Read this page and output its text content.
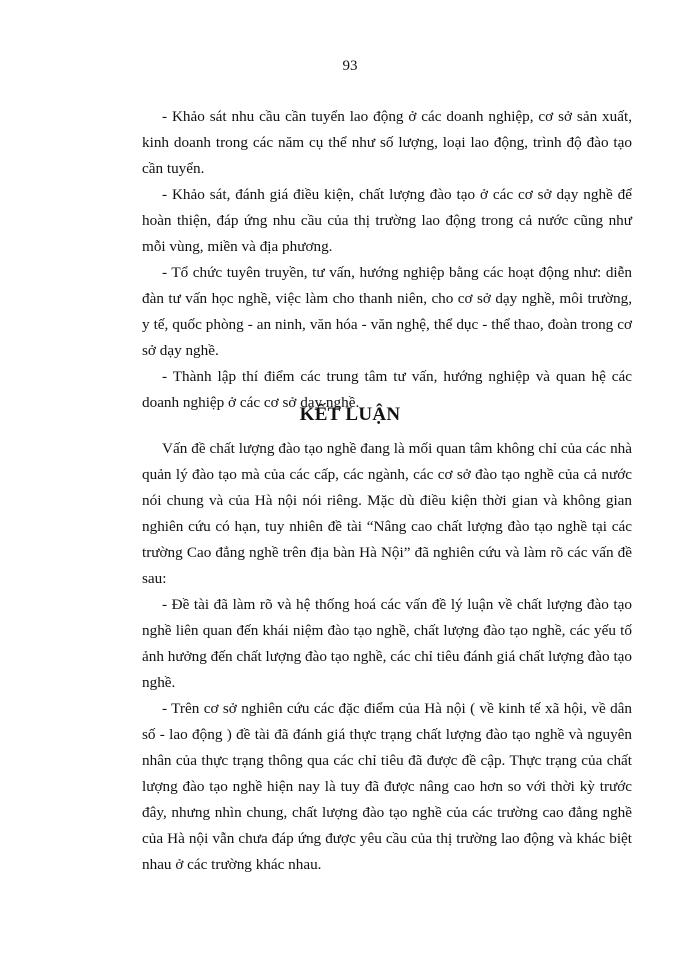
93

- Khảo sát nhu cầu cần tuyển lao động ở các doanh nghiệp, cơ sở sản xuất, kinh doanh trong các năm cụ thể như số lượng, loại lao động, trình độ đào tạo cần tuyển.

- Khảo sát, đánh giá điều kiện, chất lượng đào tạo ở các cơ sở dạy nghề để hoàn thiện, đáp ứng nhu cầu của thị trường lao động trong cả nước cũng như mỗi vùng, miền và địa phương.

- Tổ chức tuyên truyền, tư vấn, hướng nghiệp bằng các hoạt động như: diễn đàn tư vấn học nghề, việc làm cho thanh niên, cho cơ sở dạy nghề, môi trường, y tế, quốc phòng - an ninh, văn hóa - văn nghệ, thể dục - thể thao, đoàn trong cơ sở dạy nghề.

- Thành lập thí điểm các trung tâm tư vấn, hướng nghiệp và quan hệ các doanh nghiệp ở các cơ sở dạy nghề.

KẾT LUẬN

Vấn đề chất lượng đào tạo nghề đang là mối quan tâm không chỉ của các nhà quản lý đào tạo mà của các cấp, các ngành, các cơ sở đào tạo nghề của cả nước nói chung và của Hà nội nói riêng. Mặc dù điều kiện thời gian và không gian nghiên cứu có hạn, tuy nhiên đề tài “Nâng cao chất lượng đào tạo nghề tại các trường Cao đẳng nghề trên địa bàn Hà Nội” đã nghiên cứu và làm rõ các vấn đề sau:

- Đề tài đã làm rõ và hệ thống hoá các vấn đề lý luận về chất lượng đào tạo nghề liên quan đến khái niệm đào tạo nghề, chất lượng đào tạo nghề, các yếu tố ảnh hưởng đến chất lượng đào tạo nghề, các chỉ tiêu đánh giá chất lượng đào tạo nghề.

- Trên cơ sở nghiên cứu các đặc điểm của Hà nội ( về kinh tế xã hội, về dân số - lao động ) đề tài đã đánh giá thực trạng chất lượng đào tạo nghề và nguyên nhân của thực trạng thông qua các chỉ tiêu đã được đề cập. Thực trạng của chất lượng đào tạo nghề hiện nay là tuy đã được nâng cao hơn so với thời kỳ trước đây, nhưng nhìn chung, chất lượng đào tạo nghề của các trường cao đẳng nghề của Hà nội vẫn chưa đáp ứng được yêu cầu của thị trường lao động và khác biệt nhau ở các trường khác nhau.
